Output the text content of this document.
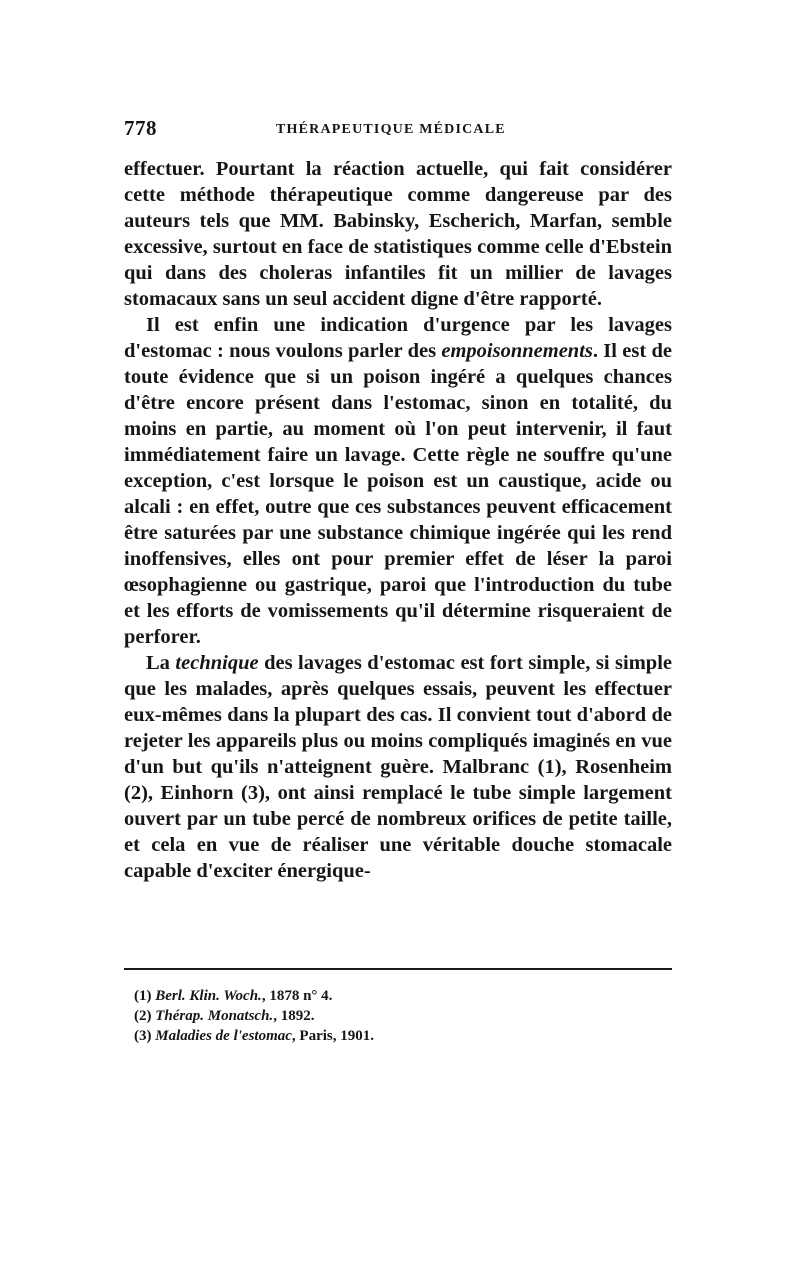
778	THÉRAPEUTIQUE MÉDICALE

effectuer. Pourtant la réaction actuelle, qui fait considérer cette méthode thérapeutique comme dangereuse par des auteurs tels que MM. Babinsky, Escherich, Marfan, semble excessive, surtout en face de statistiques comme celle d'Ebstein qui dans des choleras infantiles fit un millier de lavages stomacaux sans un seul accident digne d'être rapporté.

Il est enfin une indication d'urgence par les lavages d'estomac : nous voulons parler des empoisonnements. Il est de toute évidence que si un poison ingéré a quelques chances d'être encore présent dans l'estomac, sinon en totalité, du moins en partie, au moment où l'on peut intervenir, il faut immédiatement faire un lavage. Cette règle ne souffre qu'une exception, c'est lorsque le poison est un caustique, acide ou alcali : en effet, outre que ces substances peuvent efficacement être saturées par une substance chimique ingérée qui les rend inoffensives, elles ont pour premier effet de léser la paroi œsophagienne ou gastrique, paroi que l'introduction du tube et les efforts de vomissements qu'il détermine risqueraient de perforer.

La technique des lavages d'estomac est fort simple, si simple que les malades, après quelques essais, peuvent les effectuer eux-mêmes dans la plupart des cas. Il convient tout d'abord de rejeter les appareils plus ou moins compliqués imaginés en vue d'un but qu'ils n'atteignent guère. Malbranc (1), Rosenheim (2), Einhorn (3), ont ainsi remplacé le tube simple largement ouvert par un tube percé de nombreux orifices de petite taille, et cela en vue de réaliser une véritable douche stomacale capable d'exciter énergique-

(1) Berl. Klin. Woch., 1878 n° 4.

(2) Thérap. Monatsch., 1892.

(3) Maladies de l'estomac, Paris, 1901.
